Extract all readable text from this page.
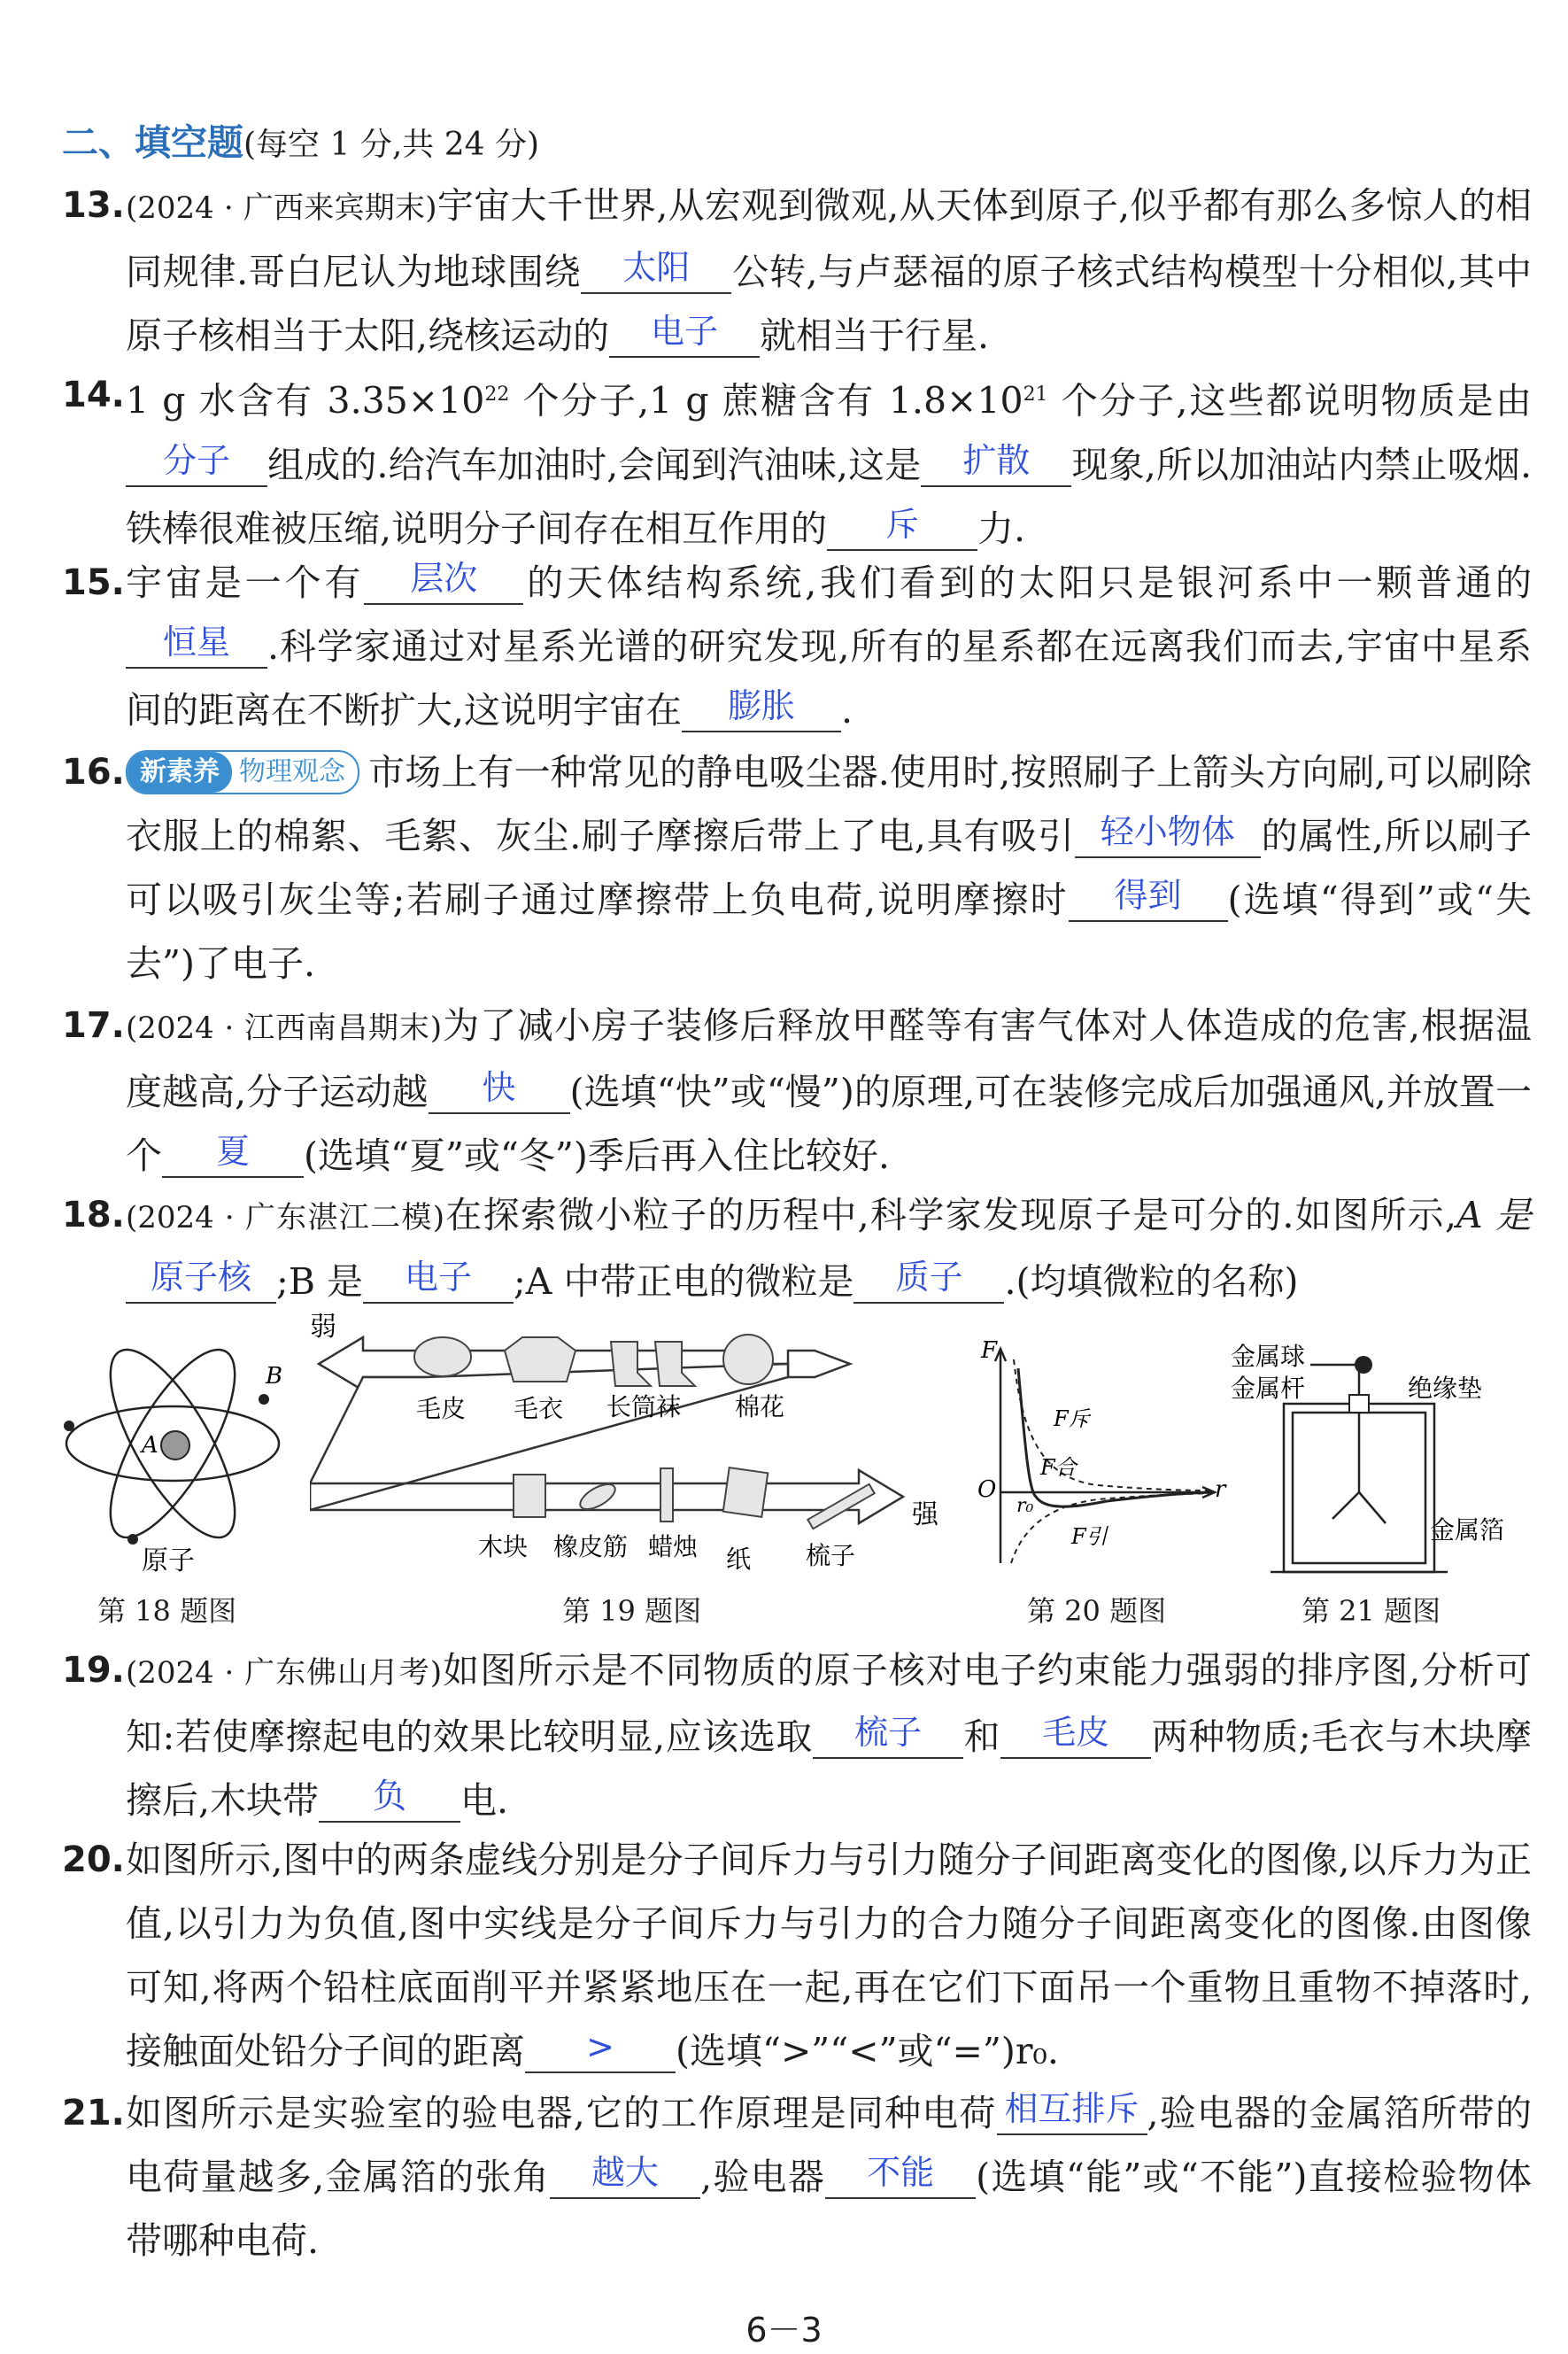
二、填空题(每空 1 分,共 24 分)
13. (2024 · 广西来宾期末)宇宙大千世界,从宏观到微观,从天体到原子,似乎都有那么多惊人的相同规律.哥白尼认为地球围绕 太阳 公转,与卢瑟福的原子核式结构模型十分相似,其中原子核相当于太阳,绕核运动的 电子 就相当于行星.
14. 1 g 水含有 $3.35\times 10^{22}$ 个分子,1 g 蔗糖含有 $1.8\times 10^{21}$ 个分子,这些都说明物质是由分子 组成的.给汽车加油时,会闻到汽油味,这是 扩散 现象,所以加油站内禁止吸烟.铁棒很难被压缩,说明分子间存在相互作用的 斥 力.
15. 宇宙是一个有 层次 的天体结构系统,我们看到的太阳只是银河系中一颗普通的恒星 .科学家通过对星系光谱的研究发现,所有的星系都在远离我们而去,宇宙中星系间的距离在不断扩大,这说明宇宙在 膨胀 .
16. 新素养 物理观念 市场上有一种常见的静电吸尘器.使用时,按照刷子上箭头方向刷,可以刷除衣服上的棉絮、毛絮、灰尘.刷子摩擦后带上了电,具有吸引 轻小物体 的属性,所以刷子可以吸引灰尘等;若刷子通过摩擦带上负电荷,说明摩擦时 得到 (选填“得到”或“失去”)了电子.
17. (2024 · 江西南昌期末)为了减小房子装修后释放甲醛等有害气体对人体造成的危害,根据温度越高,分子运动越 快 (选填“快”或“慢”)的原理,可在装修完成后加强通风,并放置一个 夏 (选填“夏”或“冬”)季后再入住比较好.
18. (2024 · 广东湛江二模)在探索微小粒子的历程中,科学家发现原子是可分的.如图所示,A 是原子核 ;B 是 电子 ;A 中带正电的微粒是 质子 .(均填微粒的名称)
A
B
原子
第 18 题图
弱
强
毛皮 毛衣 长筒袜 棉花
木块 橡皮筋 蜡烛 纸 梳子
第 19 题图
F
r
O
r₀
F斥
F合
F引
第 20 题图
金属球
金属杆	绝缘垫
金属箔
第 21 题图
19. (2024 · 广东佛山月考)如图所示是不同物质的原子核对电子约束能力强弱的排序图,分析可知:若使摩擦起电的效果比较明显,应该选取 梳子 和 毛皮 两种物质;毛衣与木块摩擦后,木块带 负 电.
20. 如图所示,图中的两条虚线分别是分子间斥力与引力随分子间距离变化的图像,以斥力为正值,以引力为负值,图中实线是分子间斥力与引力的合力随分子间距离变化的图像.由图像可知,将两个铅柱底面削平并紧紧地压在一起,再在它们下面吊一个重物且重物不掉落时,接触面处铅分子间的距离 > (选填“>”“<”或“=”)r₀.
21. 如图所示是实验室的验电器,它的工作原理是同种电荷 相互排斥 ,验电器的金属箔所带的电荷量越多,金属箔的张角 越大 ,验电器 不能 (选填“能”或“不能”)直接检验物体带哪种电荷.
6－3
